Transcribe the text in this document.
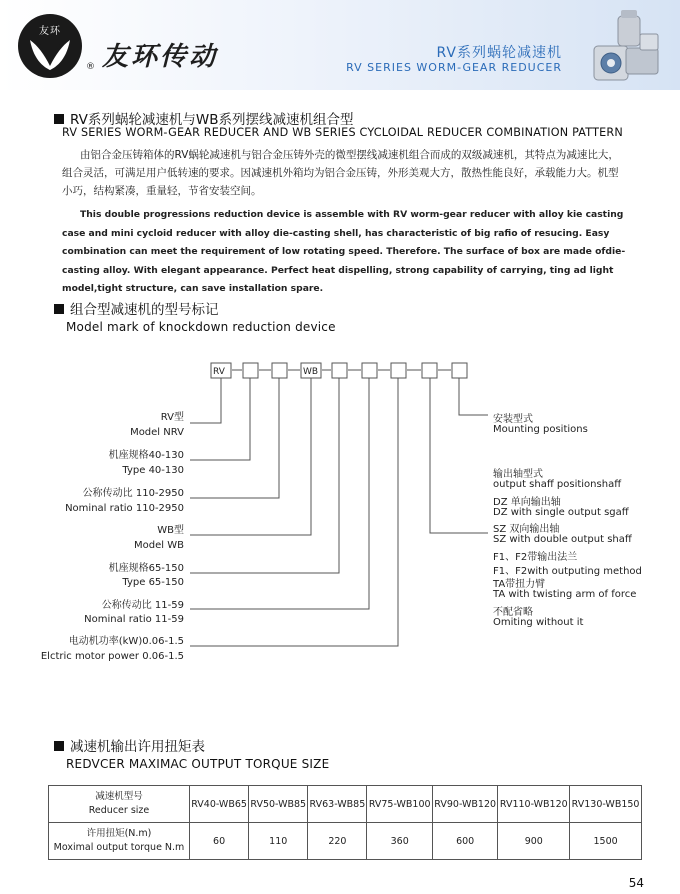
友环
® 友环传动	RV系列蜗轮减速机
RV SERIES WORM-GEAR REDUCER
RV系列蜗轮减速机与WB系列摆线减速机组合型
RV SERIES WORM-GEAR REDUCER AND WB SERIES CYCLOIDAL REDUCER COMBINATION PATTERN
由铝合金压铸箱体的RV蜗轮减速机与铝合金压铸外壳的微型摆线减速机组合而成的双级减速机，其特点为减速比大，组合灵活，可满足用户低转速的要求。因减速机外箱均为铝合金压铸，外形美观大方，散热性能良好，承载能力大。机型小巧，结构紧凑，重量轻，节省安装空间。
This double progressions reduction device is assemble with RV worm-gear reducer with alloy kie casting case and mini cycloid reducer with alloy die-casting shell, has characteristic of big rafio of resucing. Easy combination can meet the requirement of low rotating speed. Therefore. The surface of box are made ofdie-casting alloy. With elegant appearance. Perfect heat dispelling, strong capability of carrying, ting ad light model,tight structure, can save installation spare.
组合型减速机的型号标记
Model mark of knockdown reduction device
RV	WB
RV型
Model NRV
机座规格40-130
Type 40-130
公称传动比 110-2950
Nominal ratio 110-2950
WB型
Model WB
机座规格65-150
Type 65-150
公称传动比 11-59
Nominal ratio 11-59
电动机功率(kW)0.06-1.5
Elctric motor power 0.06-1.5
安装型式
Mounting positions
输出轴型式
output shaff positionshaff
DZ 单向输出轴
DZ with single output sgaff
SZ 双向输出轴
SZ with double output shaff
F1、F2带输出法兰
F1、F2with outputing method
TA带扭力臂
TA with twisting arm of force
不配省略
Omiting without it
减速机输出许用扭矩表
REDVCER MAXIMAC OUTPUT TORQUE SIZE
减速机型号
Reducer size	RV40-WB65	RV50-WB85	RV63-WB85	RV75-WB100	RV90-WB120	RV110-WB120	RV130-WB150

许用扭矩(N.m)
Moximal output torque N.m	60	110	220	360	600	900	1500
54
